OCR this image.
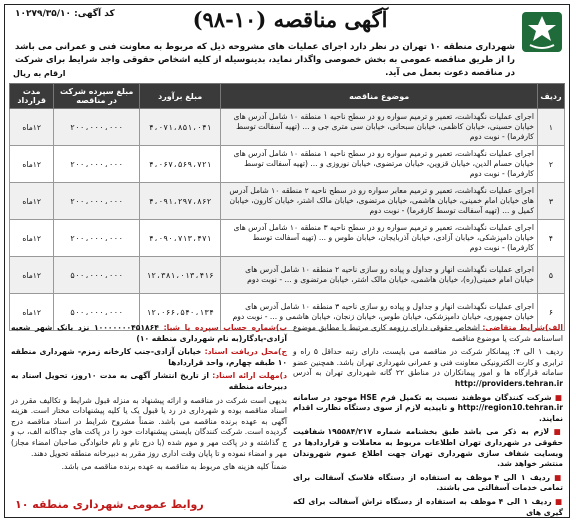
کد آگهی: ۱۰۲۷۹/۳۵/۱۰	آگهی مناقصه (۱۰-۹۸)
شهرداری منطقه ۱۰ تهران در نظر دارد اجرای عملیات های مشروحه ذیل که مربوط به معاونت فنی و عمرانی می باشد را از طریق مناقصه عمومی به بخش خصوصی واگذار نماید، بدینوسیله از کلیه اشخاص حقوقی واجد شرایط برای شرکت در مناقصه دعوت بعمل می آید.
ارقام به ریال
ردیف	موضوع مناقصه	مبلغ برآورد	مبلغ سپرده شرکت در مناقصه	مدت قرارداد
۱	اجرای عملیات نگهداشت، تعمیر و ترمیم سواره رو در سطح ناحیه ۱ منطقه ۱۰ شامل آدرس های خیابان حسینی، خیابان کاظمی، خیابان سبحانی، خیابان سی متری جی و ... (تهیه آسفالت توسط کارفرما) - نوبت دوم	۴،۰۷۱،۸۵۱،۰۴۱	۲۰۰،۰۰۰،۰۰۰	۱۲ماه
۲	اجرای عملیات نگهداشت، تعمیر و ترمیم سواره رو در سطح ناحیه ۱ منطقه ۱۰ شامل آدرس های خیابان حسام الدین، خیابان قزوین، خیابان مرتضوی، خیابان نوروزی و ... (تهیه آسفالت توسط کارفرما) - نوبت دوم	۴،۰۶۷،۵۶۹،۷۲۱	۲۰۰،۰۰۰،۰۰۰	۱۲ماه
۳	اجرای عملیات نگهداشت، تعمیر و ترمیم معابر سواره رو در سطح ناحیه ۲ منطقه ۱۰ شامل آدرس های خیابان امام خمینی، خیابان هاشمی، خیابان مرتضوی، خیابان مالک اشتر، خیابان کارون، خیابان کمیل و ... (تهیه آسفالت توسط کارفرما) - نوبت دوم	۴،۰۹۱،۲۹۷،۸۶۲	۲۰۰،۰۰۰،۰۰۰	۱۲ماه
۴	اجرای عملیات نگهداشت، تعمیر و ترمیم سواره رو در سطح ناحیه ۳ منطقه ۱۰ شامل آدرس های خیابان دامپزشکی، خیابان آزادی، خیابان آذربایجان، خیابان طوس و ... (تهیه آسفالت توسط کارفرما) - نوبت دوم	۴،۰۹۰،۷۱۳،۴۷۱	۲۰۰،۰۰۰،۰۰۰	۱۲ماه
۵	اجرای عملیات نگهداشت انهار و جداول و پیاده رو سازی ناحیه ۲ منطقه ۱۰ شامل آدرس های خیابان امام خمینی(ره)، خیابان هاشمی، خیابان مالک اشتر، خیابان مرتضوی و ... - نوبت دوم	۱۲،۳۸۱،۰۱۳،۴۱۶	۵۰۰،۰۰۰،۰۰۰	۱۲ماه
۶	اجرای عملیات نگهداشت انهار و جداول و پیاده رو سازی ناحیه ۳ منطقه ۱۰ شامل آدرس های خیابان جمهوری، خیابان دامپزشکی، خیابان طوس، خیابان زنجان، خیابان هاشمی و ... - نوبت دوم	۱۲،۰۶۶،۵۴۰،۱۳۴	۵۰۰،۰۰۰،۰۰۰	۱۲ماه

الف)شرایط متقاضی: اشخاص حقوقی دارای رزومه کاری مرتبط با مطابق موضوع اساسنامه شرکت یا موضوع مناقصه

ردیف ۱ الی ۴: پیمانکار شرکت در مناقصه می بایست، دارای رتبه حداقل ۵ راه و ترابری و کارت الکترونیکی معاونت فنی و عمرانی شهرداری تهران باشد. همچنین عضو سامانه قرارگاه ها و امور پیمانکاران در مناطق ۲۲ گانه شهرداری تهران به آدرس http://providers.tehran.ir

■ شرکت کنندگان موظفند نسبت به تکمیل فرم HSE موجود در سامانه http://region10.tehran.ir و تاییدیه لازم از سوی دستگاه نظارت اقدام نمایند.

■ لازم به ذکر می باشد طبق بخشنامه شماره ۱۹۵۵۸۴/۲۱۷ شفافیت حقوقی در شهرداری تهران اطلاعات مربوط به معاملات و قراردادها در وبسایت شفاف سازی شهرداری تهران جهت اطلاع عموم شهروندان منتشر خواهد شد.

■ ردیف ۱ الی ۴ موظف به استفاده از دستگاه فلاسک آسفالت برای تمامی خدمات آسفالتی می باشند.

■ ردیف ۱ الی ۴ موظف به استفاده از دستگاه تراش آسفالت برای لکه گیری های

ب)شماره حساب سپرده یا شبا: ۱۰۰۰۰۰۰۰۴۵۱۸۶۴ نزد بانک شهر شعبه آزادی-یادگار(به نام شهرداری منطقه ۱۰)

ج)محل دریافت اسناد: خیابان آزادی-جنب کارخانه زمزم- شهرداری منطقه ۱۰ طبقه چهارم، واحد قراردادها

د)مهلت ارائه اسناد: از تاریخ انتشار آگهی به مدت ۱۰روز، تحویل اسناد به دبیرخانه منطقه

بدیهی است شرکت در مناقصه و ارائه پیشنهاد به منزله قبول شرایط و تکالیف مقرر در اسناد مناقصه بوده و شهرداری در رد یا قبول یک یا کلیه پیشنهادات مختار است. هزینه آگهی به عهده برنده مناقصه می باشد. ضمناً مشروح شرایط در اسناد مناقصه درج گردیده است. شرکت کنندگان بایستی پیشنهادات خود را در پاکت های جداگانه الف، ب و ج گذاشته و در پاکت مهر و موم شده (با درج نام و نام خانوادگی صاحبان امضاء مجاز) مهر و امضاء نموده و تا پایان وقت اداری روز مقرر به دبیرخانه منطقه تحویل دهند.

ضمناً کلیه هزینه های مربوط به مناقصه به عهده برنده مناقصه می باشد.

روابط عمومی شهرداری منطقه ۱۰
